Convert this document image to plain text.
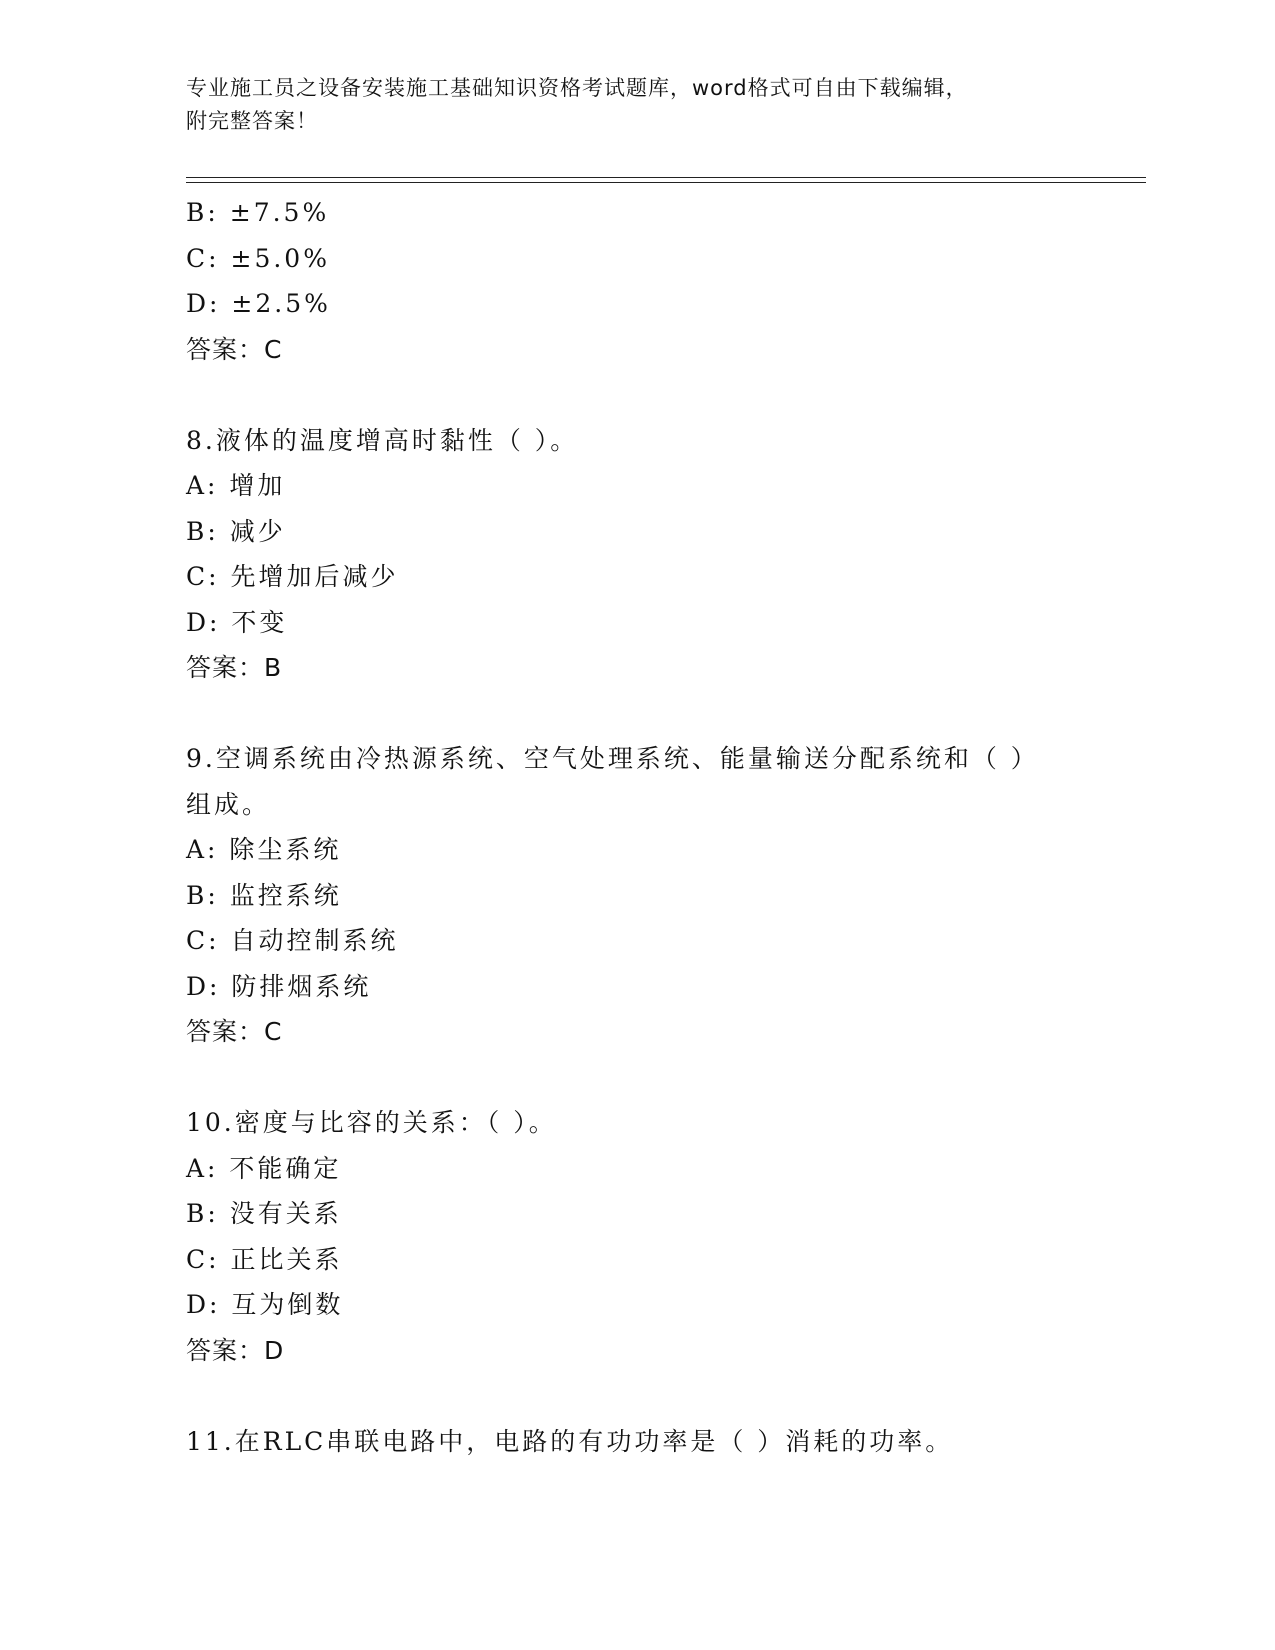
专业施工员之设备安装施工基础知识资格考试题库，word格式可自由下载编辑，
附完整答案！
B: ±7.5%
C: ±5.0%
D: ±2.5%
答案：C
8.液体的温度增高时黏性（ ）。
A: 增加
B: 减少
C: 先增加后减少
D: 不变
答案：B
9.空调系统由冷热源系统、空气处理系统、能量输送分配系统和（ ）
组成。
A: 除尘系统
B: 监控系统
C: 自动控制系统
D: 防排烟系统
答案：C
10.密度与比容的关系：（ ）。
A: 不能确定
B: 没有关系
C: 正比关系
D: 互为倒数
答案：D
11.在RLC串联电路中，电路的有功功率是（ ）消耗的功率。
